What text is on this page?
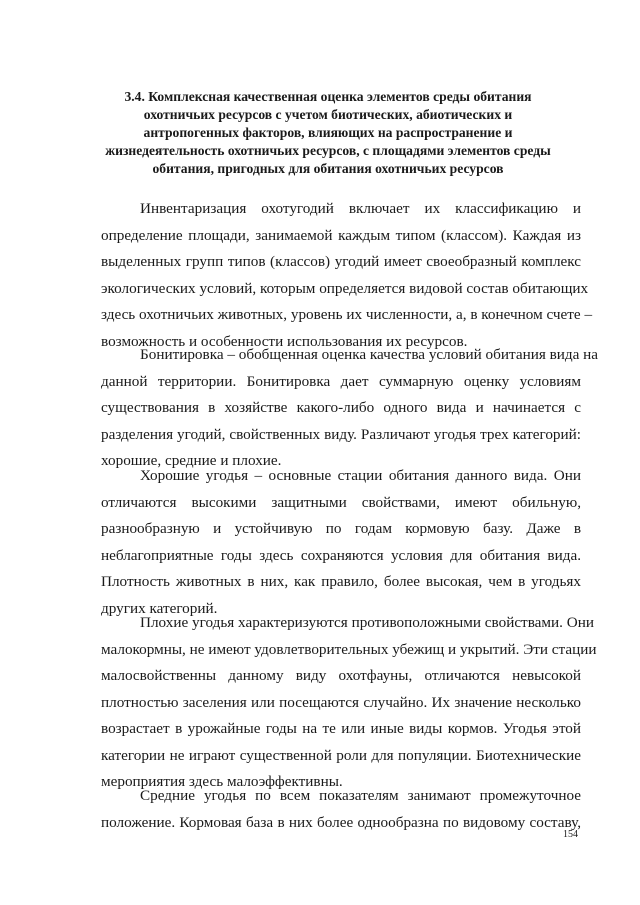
3.4. Комплексная качественная оценка элементов среды обитания
охотничьих ресурсов с учетом биотических, абиотических и
антропогенных факторов, влияющих на распространение и
жизнедеятельность охотничьих ресурсов, с площадями элементов среды
обитания, пригодных для обитания охотничьих ресурсов
Инвентаризация охотугодий включает их классификацию и
определение площади, занимаемой каждым типом (классом). Каждая из
выделенных групп типов (классов) угодий имеет своеобразный комплекс
экологических условий, которым определяется видовой состав обитающих
здесь охотничьих животных, уровень их численности, а, в конечном счете –
возможность и особенности использования их ресурсов.
Бонитировка – обобщенная оценка качества условий обитания вида на
данной территории. Бонитировка дает суммарную оценку условиям
существования в хозяйстве какого-либо одного вида и начинается с
разделения угодий, свойственных виду. Различают угодья трех категорий:
хорошие, средние и плохие.
Хорошие угодья – основные стации обитания данного вида. Они
отличаются высокими защитными свойствами, имеют обильную,
разнообразную и устойчивую по годам кормовую базу. Даже в
неблагоприятные годы здесь сохраняются условия для обитания вида.
Плотность животных в них, как правило, более высокая, чем в угодьях
других категорий.
Плохие угодья характеризуются противоположными свойствами. Они
малокормны, не имеют удовлетворительных убежищ и укрытий. Эти стации
малосвойственны данному виду охотфауны, отличаются невысокой
плотностью заселения или посещаются случайно. Их значение несколько
возрастает в урожайные годы на те или иные виды кормов. Угодья этой
категории не играют существенной роли для популяции. Биотехнические
мероприятия здесь малоэффективны.
Средние угодья по всем показателям занимают промежуточное
положение. Кормовая база в них более однообразна по видовому составу,
154
